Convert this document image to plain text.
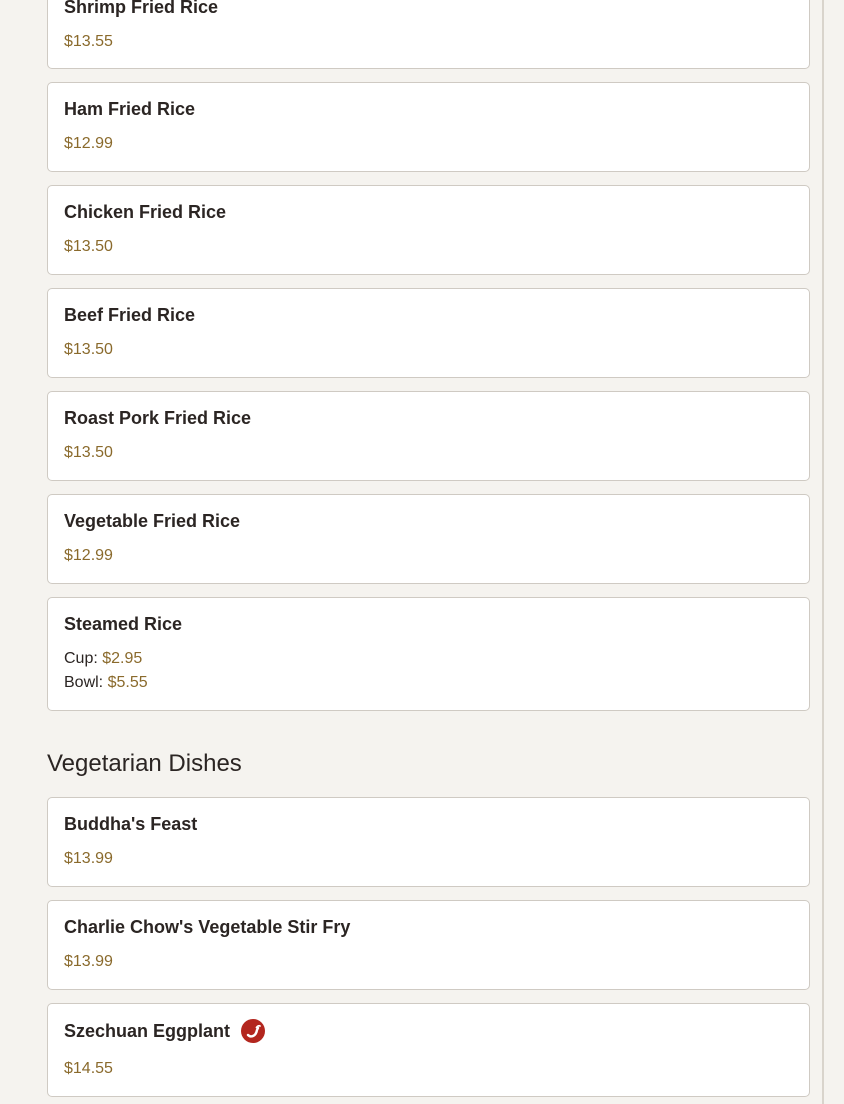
Shrimp Fried Rice
$13.55
Ham Fried Rice
$12.99
Chicken Fried Rice
$13.50
Beef Fried Rice
$13.50
Roast Pork Fried Rice
$13.50
Vegetable Fried Rice
$12.99
Steamed Rice
Cup: $2.95
Bowl: $5.55
Vegetarian Dishes
Buddha's Feast
$13.99
Charlie Chow's Vegetable Stir Fry
$13.99
Szechuan Eggplant
$14.55
